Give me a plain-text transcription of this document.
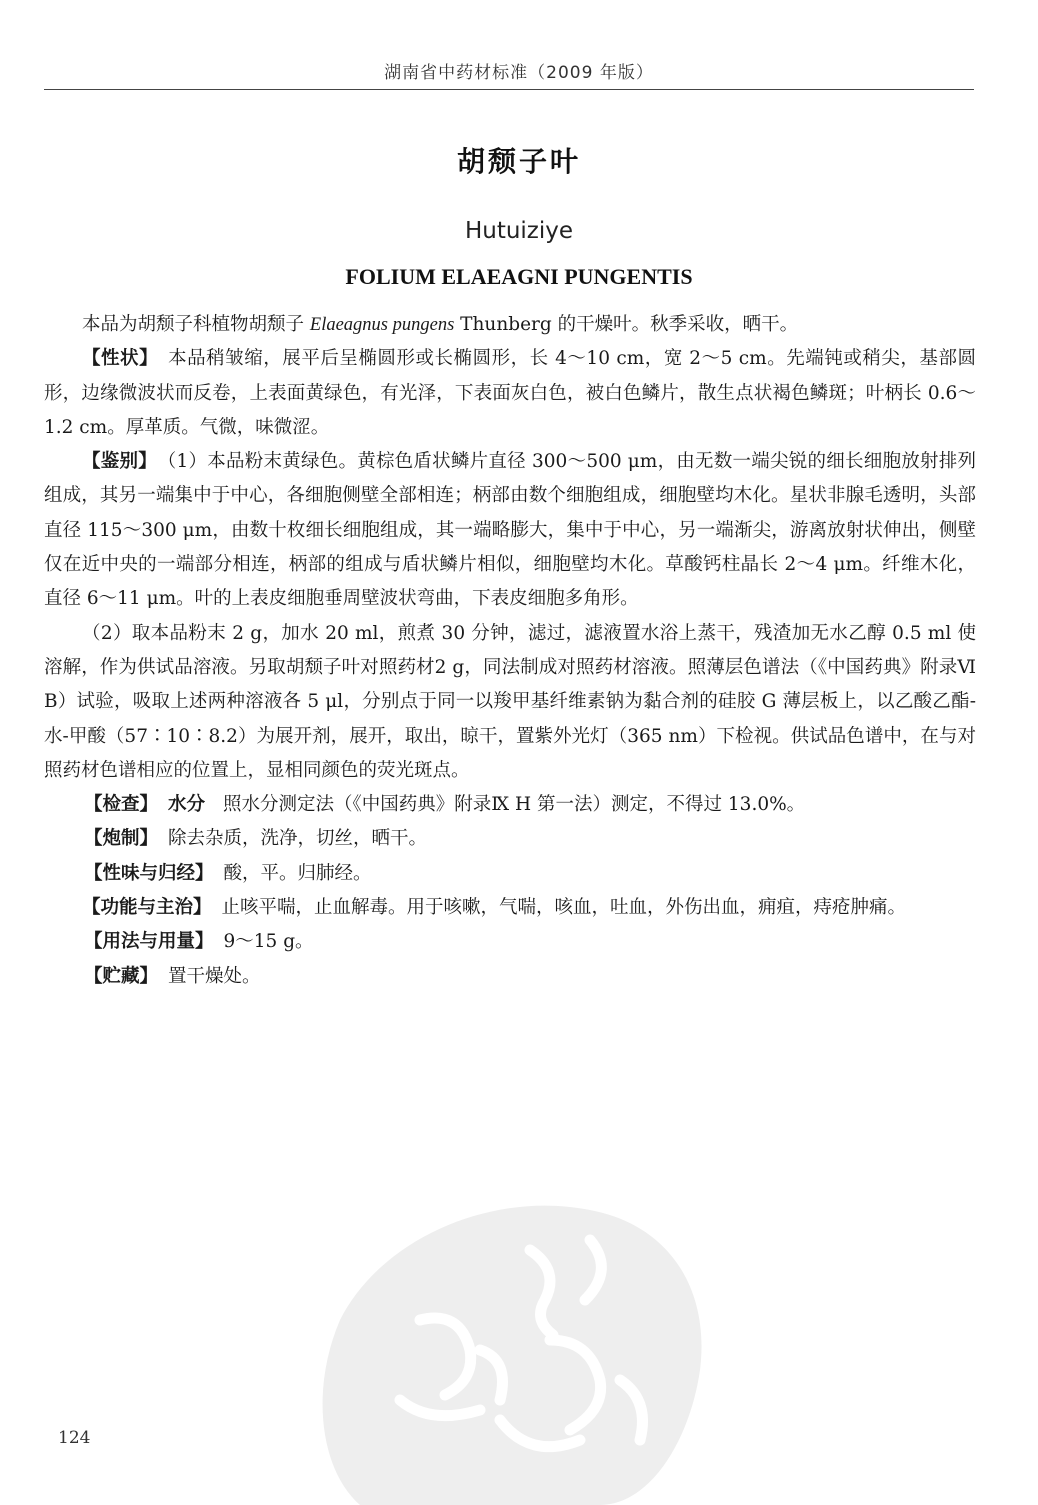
湖南省中药材标准（2009 年版）
胡颓子叶
Hutuiziye
FOLIUM ELAEAGNI PUNGENTIS

本品为胡颓子科植物胡颓子 Elaeagnus pungens Thunberg 的干燥叶。秋季采收，晒干。

【性状】 本品稍皱缩，展平后呈椭圆形或长椭圆形，长 4～10 cm，宽 2～5 cm。先端钝或稍尖，基部圆形，边缘微波状而反卷，上表面黄绿色，有光泽，下表面灰白色，被白色鳞片，散生点状褐色鳞斑；叶柄长 0.6～1.2 cm。厚革质。气微，味微涩。

【鉴别】 （1）本品粉末黄绿色。黄棕色盾状鳞片直径 300～500 μm，由无数一端尖锐的细长细胞放射排列组成，其另一端集中于中心，各细胞侧壁全部相连；柄部由数个细胞组成，细胞壁均木化。星状非腺毛透明，头部直径 115～300 μm，由数十枚细长细胞组成，其一端略膨大，集中于中心，另一端渐尖，游离放射状伸出，侧壁仅在近中央的一端部分相连，柄部的组成与盾状鳞片相似，细胞壁均木化。草酸钙柱晶长 2～4 μm。纤维木化，直径 6～11 μm。叶的上表皮细胞垂周壁波状弯曲，下表皮细胞多角形。

（2）取本品粉末 2 g，加水 20 ml，煎煮 30 分钟，滤过，滤液置水浴上蒸干，残渣加无水乙醇 0.5 ml 使溶解，作为供试品溶液。另取胡颓子叶对照药材2 g，同法制成对照药材溶液。照薄层色谱法（《中国药典》附录Ⅵ B）试验，吸取上述两种溶液各 5 μl，分别点于同一以羧甲基纤维素钠为黏合剂的硅胶 G 薄层板上，以乙酸乙酯-水-甲酸（57∶10∶8.2）为展开剂，展开，取出，晾干，置紫外光灯（365 nm）下检视。供试品色谱中，在与对照药材色谱相应的位置上，显相同颜色的荧光斑点。

【检查】 水分 照水分测定法（《中国药典》附录Ⅸ H 第一法）测定，不得过 13.0%。

【炮制】 除去杂质，洗净，切丝，晒干。

【性味与归经】 酸，平。归肺经。

【功能与主治】 止咳平喘，止血解毒。用于咳嗽，气喘，咳血，吐血，外伤出血，痈疽，痔疮肿痛。

【用法与用量】 9～15 g。

【贮藏】 置干燥处。

124
